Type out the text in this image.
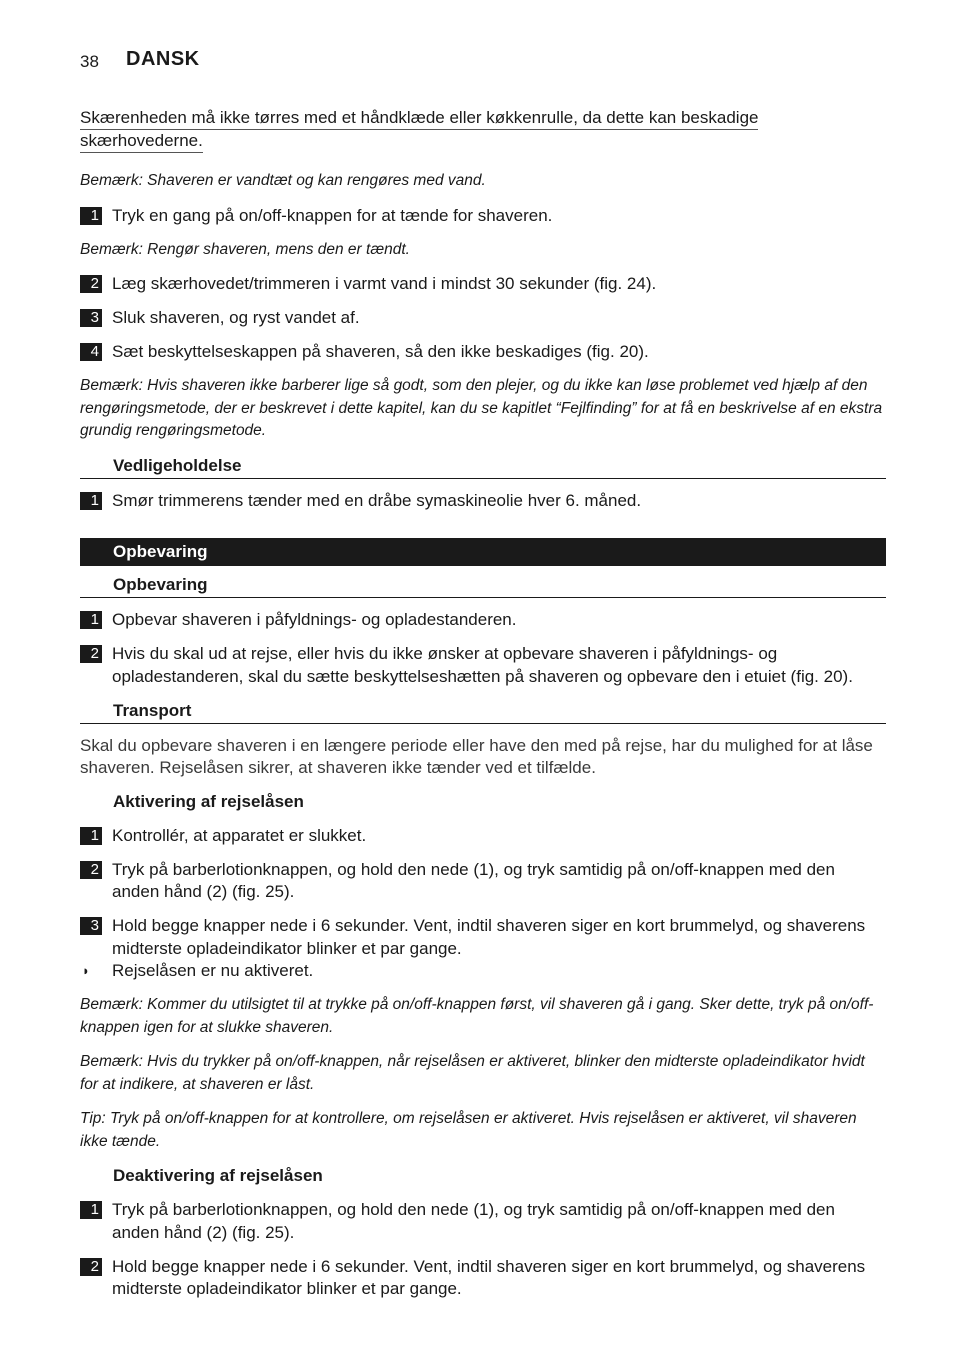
38 DANSK
Skærenheden må ikke tørres med et håndklæde eller køkkenrulle, da dette kan beskadige skærhovederne.

Bemærk: Shaveren er vandtæt og kan rengøres med vand.

1 Tryk en gang på on/off-knappen for at tænde for shaveren.

Bemærk: Rengør shaveren, mens den er tændt.

2 Læg skærhovedet/trimmeren i varmt vand i mindst 30 sekunder (fig. 24).
3 Sluk shaveren, og ryst vandet af.
4 Sæt beskyttelseskappen på shaveren, så den ikke beskadiges (fig. 20).

Bemærk: Hvis shaveren ikke barberer lige så godt, som den plejer, og du ikke kan løse problemet ved hjælp af den rengøringsmetode, der er beskrevet i dette kapitel, kan du se kapitlet “Fejlfinding” for at få en beskrivelse af en ekstra grundig rengøringsmetode.

Vedligeholdelse
1 Smør trimmerens tænder med en dråbe symaskineolie hver 6. måned.
Opbevaring
Opbevaring
1 Opbevar shaveren i påfyldnings- og opladestanderen.
2 Hvis du skal ud at rejse, eller hvis du ikke ønsker at opbevare shaveren i påfyldnings- og opladestanderen, skal du sætte beskyttelseshætten på shaveren og opbevare den i etuiet (fig. 20).
Transport

Skal du opbevare shaveren i en længere periode eller have den med på rejse, har du mulighed for at låse shaveren. Rejselåsen sikrer, at shaveren ikke tænder ved et tilfælde.

Aktivering af rejselåsen
1 Kontrollér, at apparatet er slukket.
2 Tryk på barberlotionknappen, og hold den nede (1), og tryk samtidig på on/off-knappen med den anden hånd (2) (fig. 25).
3 Hold begge knapper nede i 6 sekunder. Vent, indtil shaveren siger en kort brummelyd, og shaverens midterste opladeindikator blinker et par gange.
◗	Rejselåsen er nu aktiveret.

Bemærk: Kommer du utilsigtet til at trykke på on/off-knappen først, vil shaveren gå i gang. Sker dette, tryk på on/off-knappen igen for at slukke shaveren.

Bemærk: Hvis du trykker på on/off-knappen, når rejselåsen er aktiveret, blinker den midterste opladeindikator hvidt for at indikere, at shaveren er låst.

Tip: Tryk på on/off-knappen for at kontrollere, om rejselåsen er aktiveret. Hvis rejselåsen er aktiveret, vil shaveren ikke tænde.

Deaktivering af rejselåsen
1 Tryk på barberlotionknappen, og hold den nede (1), og tryk samtidig på on/off-knappen med den anden hånd (2) (fig. 25).
2 Hold begge knapper nede i 6 sekunder. Vent, indtil shaveren siger en kort brummelyd, og shaverens midterste opladeindikator blinker et par gange.
